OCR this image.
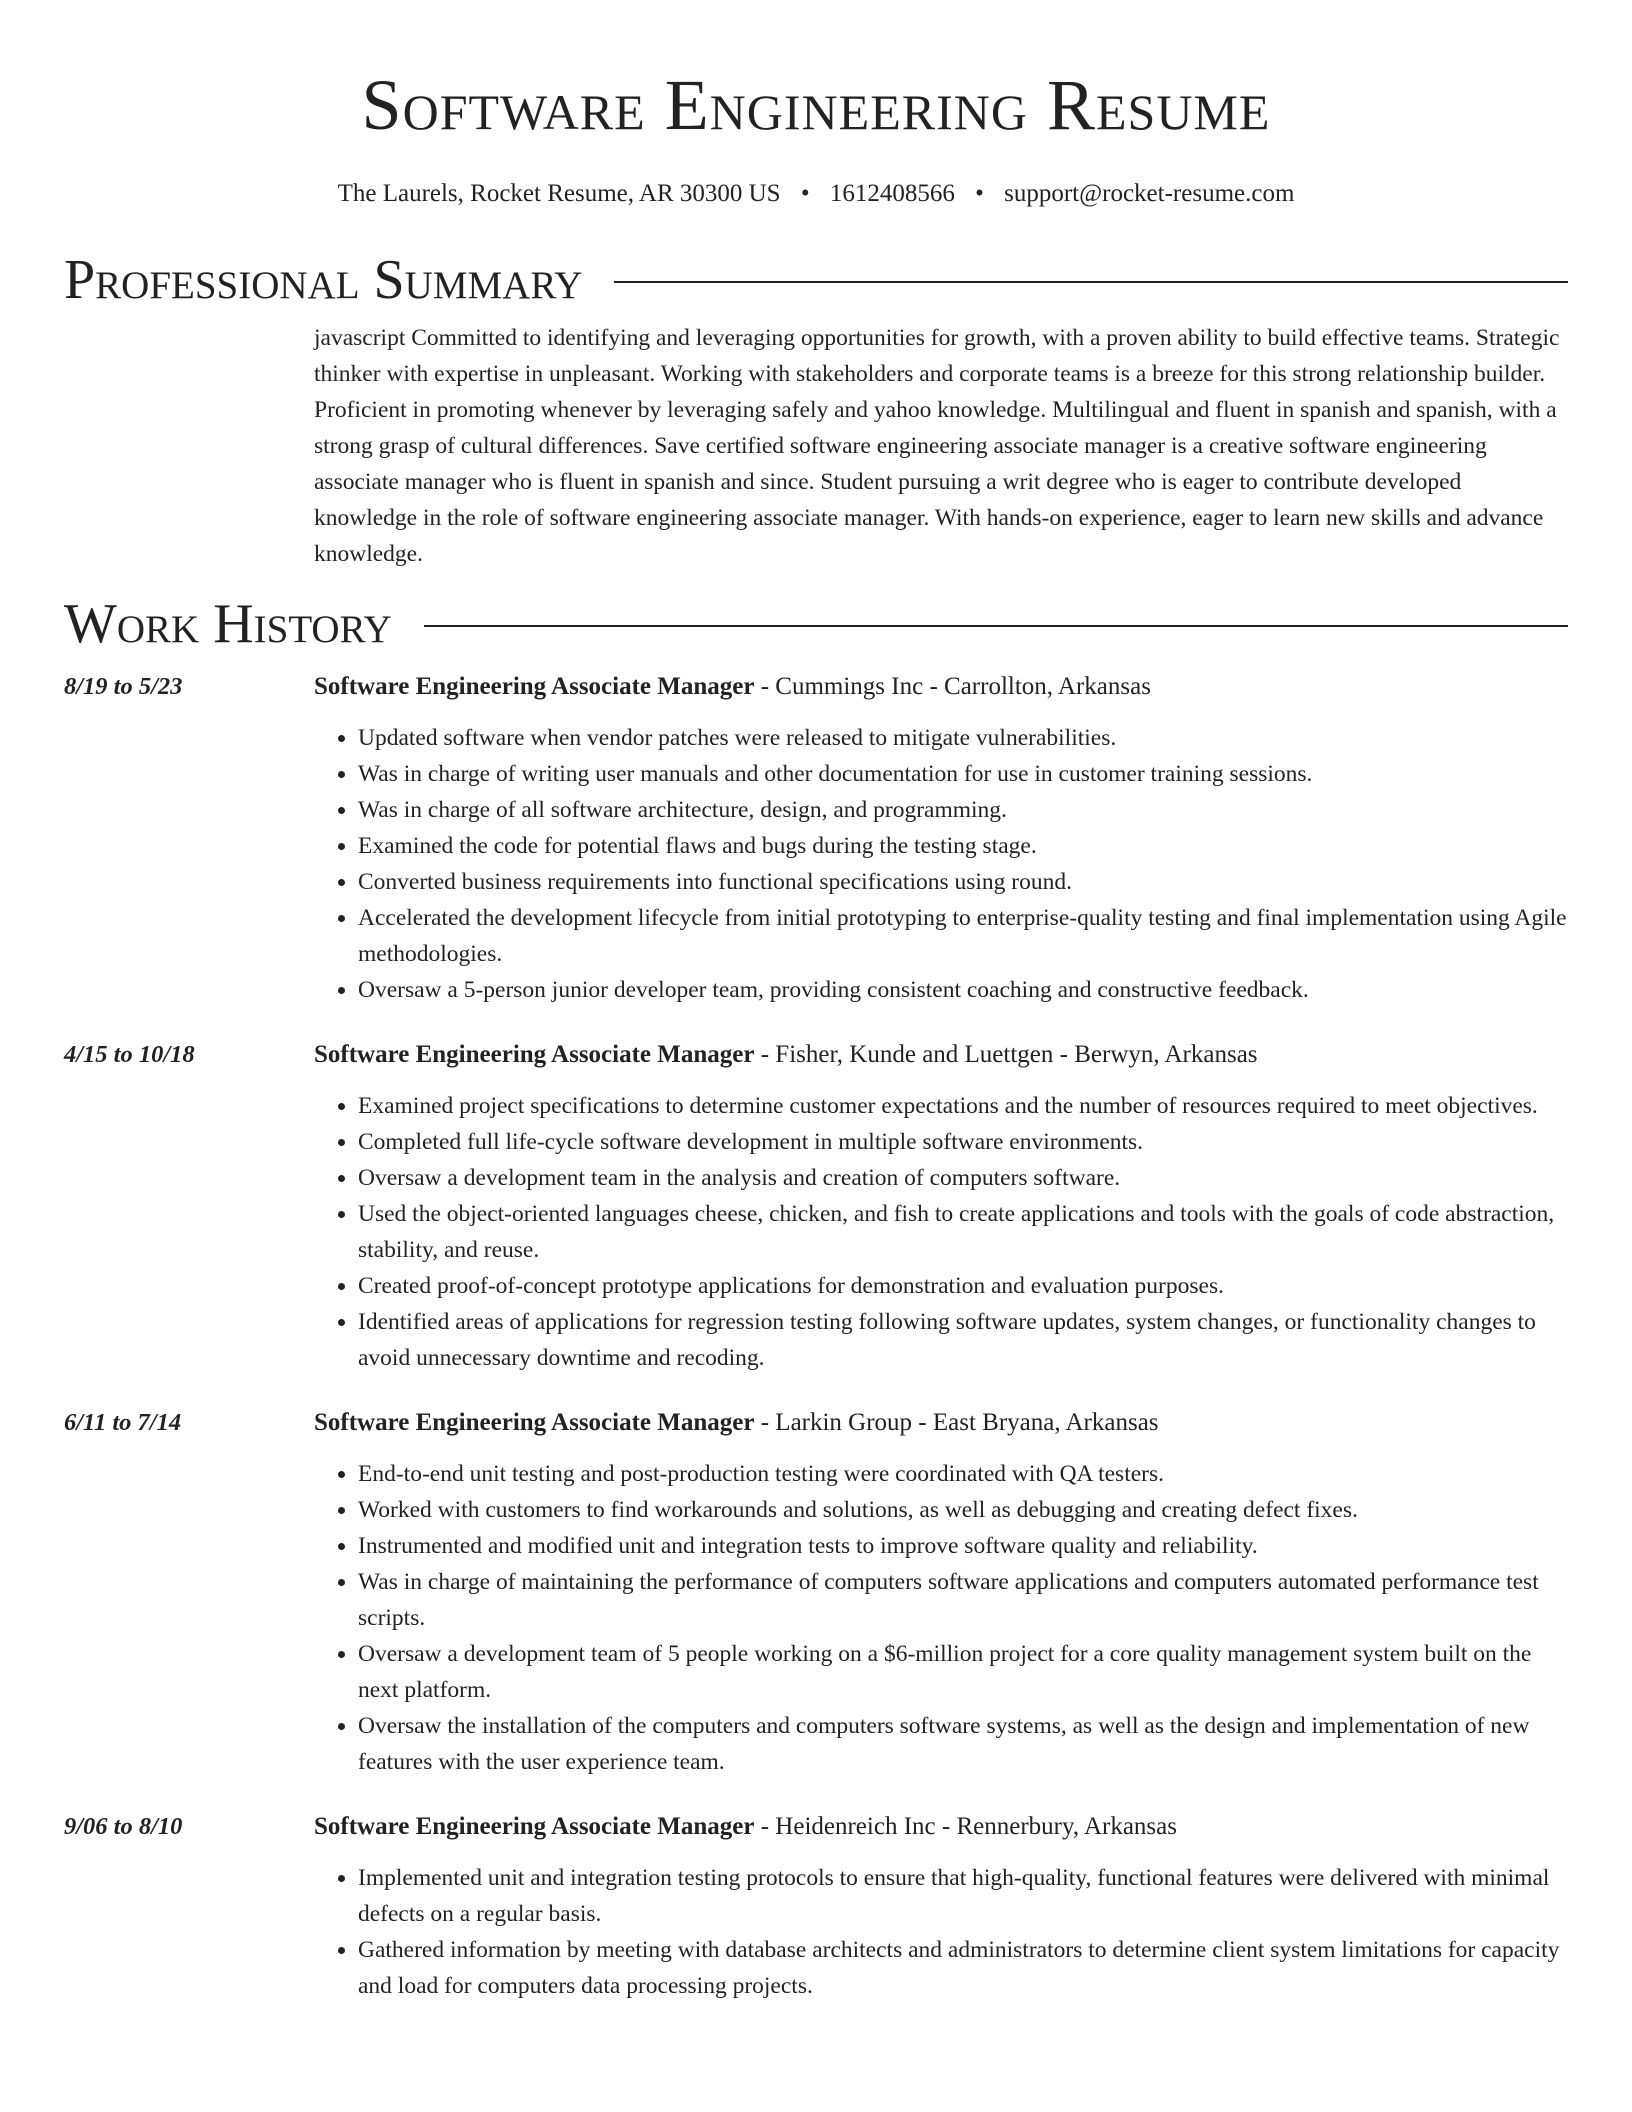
Software Engineering Resume
The Laurels, Rocket Resume, AR 30300 US • 1612408566 • support@rocket-resume.com
Professional Summary
javascript Committed to identifying and leveraging opportunities for growth, with a proven ability to build effective teams. Strategic thinker with expertise in unpleasant. Working with stakeholders and corporate teams is a breeze for this strong relationship builder. Proficient in promoting whenever by leveraging safely and yahoo knowledge. Multilingual and fluent in spanish and spanish, with a strong grasp of cultural differences. Save certified software engineering associate manager is a creative software engineering associate manager who is fluent in spanish and since. Student pursuing a writ degree who is eager to contribute developed knowledge in the role of software engineering associate manager. With hands-on experience, eager to learn new skills and advance knowledge.
Work History
8/19 to 5/23	Software Engineering Associate Manager - Cummings Inc - Carrollton, Arkansas
• Updated software when vendor patches were released to mitigate vulnerabilities.
• Was in charge of writing user manuals and other documentation for use in customer training sessions.
• Was in charge of all software architecture, design, and programming.
• Examined the code for potential flaws and bugs during the testing stage.
• Converted business requirements into functional specifications using round.
• Accelerated the development lifecycle from initial prototyping to enterprise-quality testing and final implementation using Agile methodologies.
• Oversaw a 5-person junior developer team, providing consistent coaching and constructive feedback.
4/15 to 10/18	Software Engineering Associate Manager - Fisher, Kunde and Luettgen - Berwyn, Arkansas
• Examined project specifications to determine customer expectations and the number of resources required to meet objectives.
• Completed full life-cycle software development in multiple software environments.
• Oversaw a development team in the analysis and creation of computers software.
• Used the object-oriented languages cheese, chicken, and fish to create applications and tools with the goals of code abstraction, stability, and reuse.
• Created proof-of-concept prototype applications for demonstration and evaluation purposes.
• Identified areas of applications for regression testing following software updates, system changes, or functionality changes to avoid unnecessary downtime and recoding.
6/11 to 7/14	Software Engineering Associate Manager - Larkin Group - East Bryana, Arkansas
• End-to-end unit testing and post-production testing were coordinated with QA testers.
• Worked with customers to find workarounds and solutions, as well as debugging and creating defect fixes.
• Instrumented and modified unit and integration tests to improve software quality and reliability.
• Was in charge of maintaining the performance of computers software applications and computers automated performance test scripts.
• Oversaw a development team of 5 people working on a $6-million project for a core quality management system built on the next platform.
• Oversaw the installation of the computers and computers software systems, as well as the design and implementation of new features with the user experience team.
9/06 to 8/10	Software Engineering Associate Manager - Heidenreich Inc - Rennerbury, Arkansas
• Implemented unit and integration testing protocols to ensure that high-quality, functional features were delivered with minimal defects on a regular basis.
• Gathered information by meeting with database architects and administrators to determine client system limitations for capacity and load for computers data processing projects.
